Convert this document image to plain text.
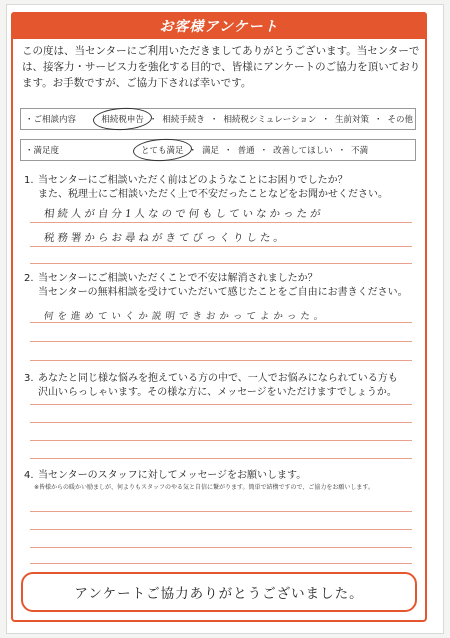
お客様アンケート
この度は、当センターにご利用いただきましてありがとうございます。当センターでは、接客力・サービス力を強化する目的で、皆様にアンケートのご協力を頂いております。お手数ですが、ご協力下されば幸いです。
・ご相談内容	相続税申告 ・ 相続手続き ・ 相続税シミュレーション ・ 生前対策 ・ その他
・満足度	とても満足 ・ 満足 ・ 普通 ・ 改善してほしい ・ 不満
1. 当センターにご相談いただく前はどのようなことにお困りでしたか？
また、税理士にご相談いただく上で不安だったことなどをお聞かせください。
相続人が自分1人なので何もしていなかったが
税務署からお尋ねがきてびっくりした。
2. 当センターにご相談いただくことで不安は解消されましたか？
当センターの無料相談を受けていただいて感じたことをご自由にお書きください。
何を進めていくか説明できおかってよかった。
3. あなたと同じ様な悩みを抱えている方の中で、一人でお悩みになられている方も
沢山いらっしゃいます。その様な方に、メッセージをいただけますでしょうか。
4. 当センターのスタッフに対してメッセージをお願いします。
※皆様からの暖かい励ましが、何よりもスタッフのやる気と自信に繋がります。簡単で結構ですので、ご協力をお願いします。
アンケートご協力ありがとうございました。
